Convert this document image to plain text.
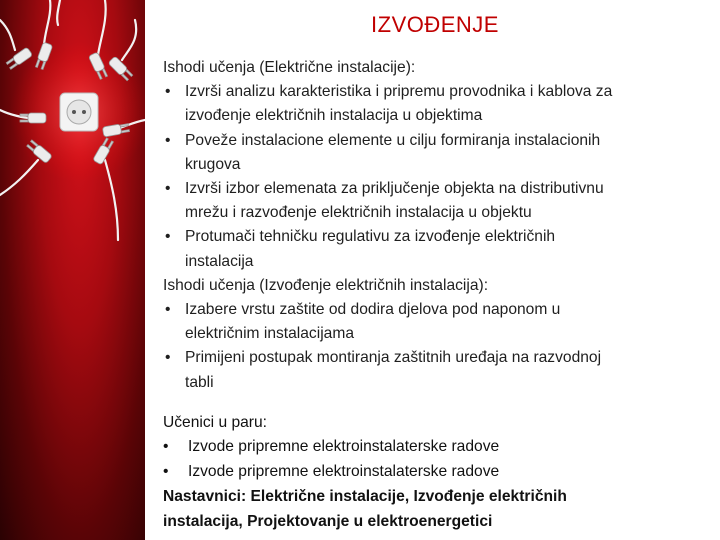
IZVOĐENJE
Ishodi učenja (Električne instalacije):
• Izvrši analizu karakteristika i pripremu provodnika i kablova za
izvođenje električnih instalacija u objektima
• Poveže instalacione elemente u cilju formiranja instalacionih
krugova
• Izvrši izbor elemenata za priključenje objekta na distributivnu
mrežu i razvođenje električnih instalacija u objektu
• Protumači tehničku regulativu za izvođenje električnih
instalacija
Ishodi učenja (Izvođenje električnih instalacija):
• Izabere vrstu zaštite od dodira djelova pod naponom u
električnim instalacijama
• Primijeni postupak montiranja zaštitnih uređaja na razvodnoj
tabli
Učenici u paru:
•	Izvode pripremne elektroinstalaterske radove
•	Izvode pripremne elektroinstalaterske radove
Nastavnici: Električne instalacije, Izvođenje električnih
instalacija, Projektovanje u elektroenergetici
